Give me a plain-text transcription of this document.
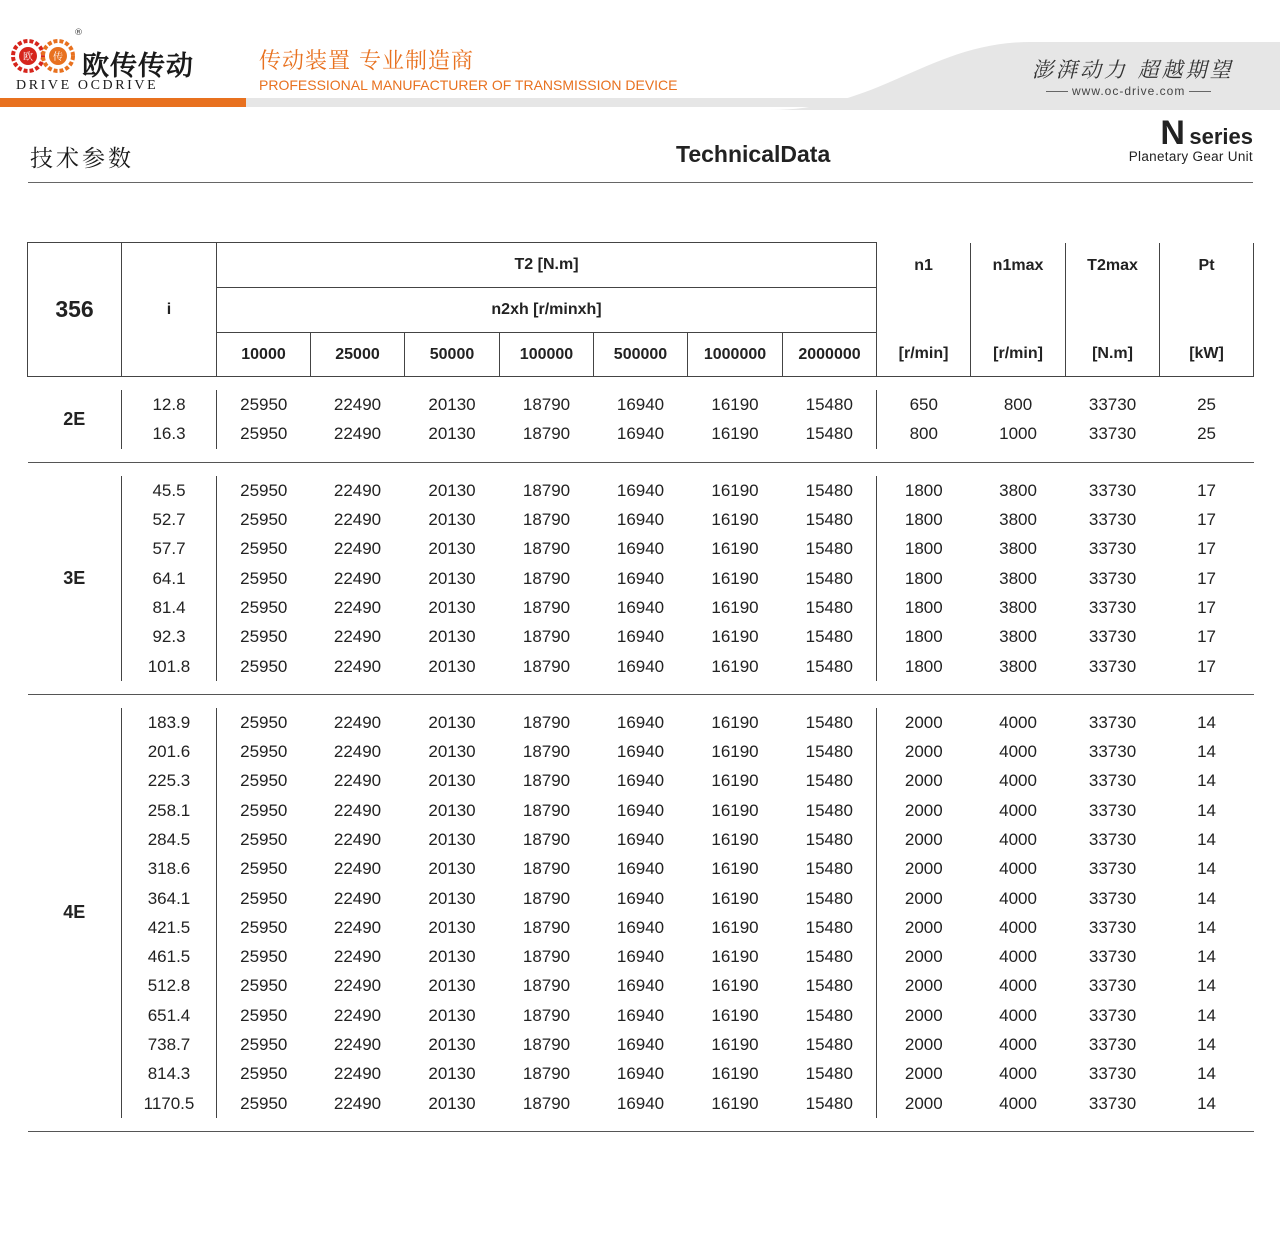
欧 传
®
欧传传动
DRIVE OCDRIVE
传动装置 专业制造商
PROFESSIONAL MANUFACTURER OF TRANSMISSION DEVICE
澎湃动力 超越期望
www.oc-drive.com
技术参数	TechnicalData
N series
Planetary Gear Unit
356	i	T2 [N.m]							n1	n1max	T2max	Pt
		n2xh [r/minxh]										
		10000	25000	50000	100000	500000	1000000	2000000	[r/min]	[r/min]	[N.m]	[kW]

2E	12.8	25950	22490	20130	18790	16940	16190	15480	650	800	33730	25
	16.3	25950	22490	20130	18790	16940	16190	15480	800	1000	33730	25

3E	45.5	25950	22490	20130	18790	16940	16190	15480	1800	3800	33730	17
	52.7	25950	22490	20130	18790	16940	16190	15480	1800	3800	33730	17
	57.7	25950	22490	20130	18790	16940	16190	15480	1800	3800	33730	17
	64.1	25950	22490	20130	18790	16940	16190	15480	1800	3800	33730	17
	81.4	25950	22490	20130	18790	16940	16190	15480	1800	3800	33730	17
	92.3	25950	22490	20130	18790	16940	16190	15480	1800	3800	33730	17
	101.8	25950	22490	20130	18790	16940	16190	15480	1800	3800	33730	17

4E	183.9	25950	22490	20130	18790	16940	16190	15480	2000	4000	33730	14
	201.6	25950	22490	20130	18790	16940	16190	15480	2000	4000	33730	14
	225.3	25950	22490	20130	18790	16940	16190	15480	2000	4000	33730	14
	258.1	25950	22490	20130	18790	16940	16190	15480	2000	4000	33730	14
	284.5	25950	22490	20130	18790	16940	16190	15480	2000	4000	33730	14
	318.6	25950	22490	20130	18790	16940	16190	15480	2000	4000	33730	14
	364.1	25950	22490	20130	18790	16940	16190	15480	2000	4000	33730	14
	421.5	25950	22490	20130	18790	16940	16190	15480	2000	4000	33730	14
	461.5	25950	22490	20130	18790	16940	16190	15480	2000	4000	33730	14
	512.8	25950	22490	20130	18790	16940	16190	15480	2000	4000	33730	14
	651.4	25950	22490	20130	18790	16940	16190	15480	2000	4000	33730	14
	738.7	25950	22490	20130	18790	16940	16190	15480	2000	4000	33730	14
	814.3	25950	22490	20130	18790	16940	16190	15480	2000	4000	33730	14
	1170.5	25950	22490	20130	18790	16940	16190	15480	2000	4000	33730	14
